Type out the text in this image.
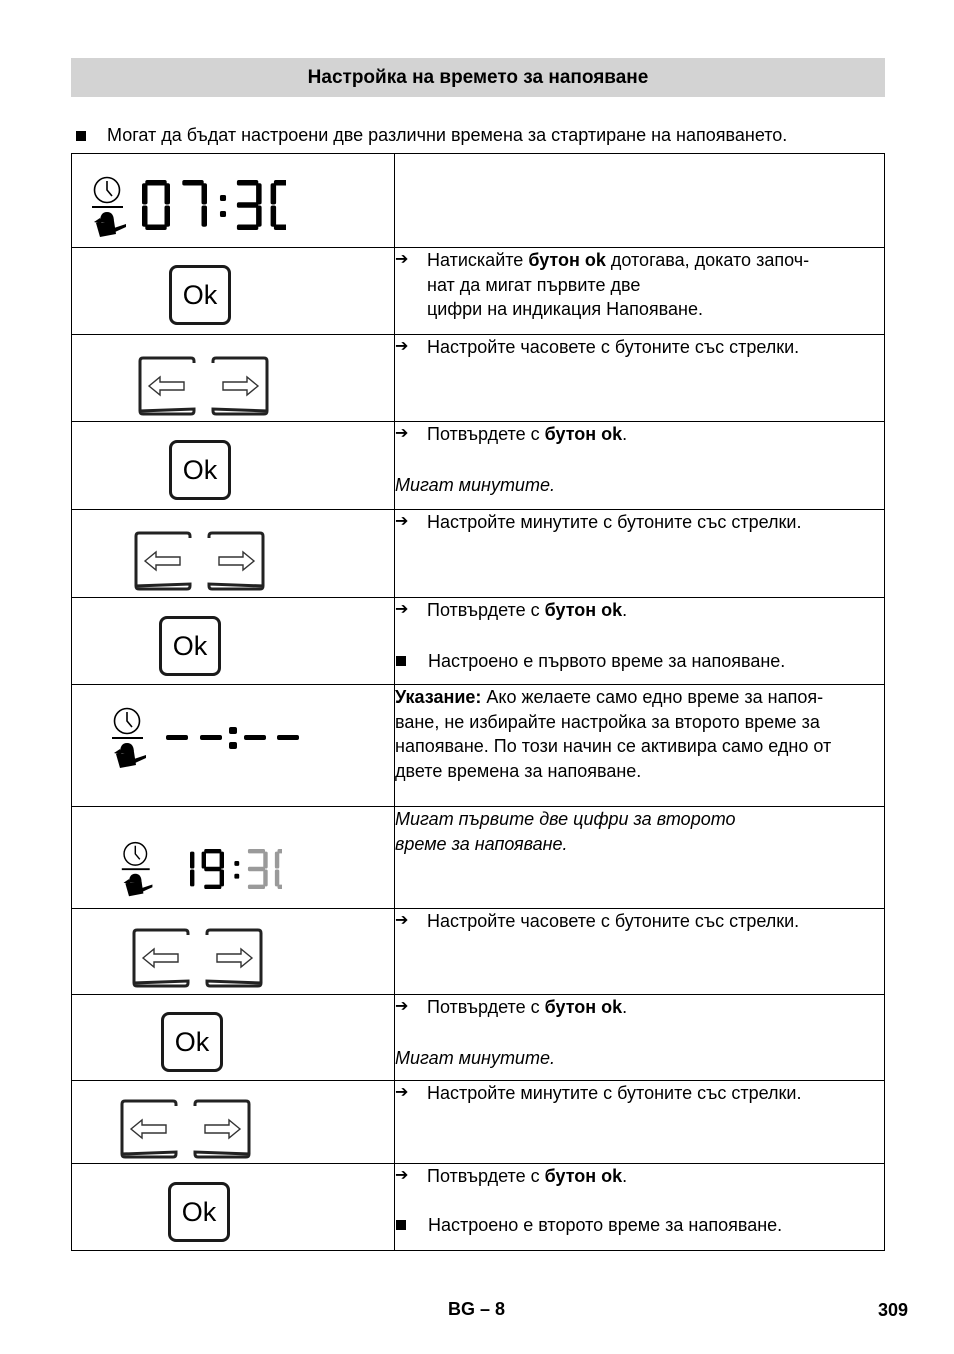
Настройка на времето за напояване
Могат да бъдат настроени две различни времена за стартиране на напояването.

Ok	➔ Натискайте бутон ok дотогава, докато започ-
нат да мигат първите две
цифри на индикация Напояване.

➔ Настройте часовете с бутоните със стрелки.

Ok	➔ Потвърдете с бутон ok.
Мигат минутите.

➔ Настройте минутите с бутоните със стрелки.

Ok	➔ Потвърдете с бутон ok.
Настроено е първото време за напояване.

Указание: Ако желаете само едно време за напоя-
ване, не избирайте настройка за второто време за
напояване. По този начин се активира само едно от
двете времена за напояване.

Мигат първите две цифри за второто
време за напояване.

➔ Настройте часовете с бутоните със стрелки.

Ok	➔ Потвърдете с бутон ok.
Мигат минутите.

➔ Настройте минутите с бутоните със стрелки.

Ok	➔ Потвърдете с бутон ok.
Настроено е второто време за напояване.
BG – 8	309
